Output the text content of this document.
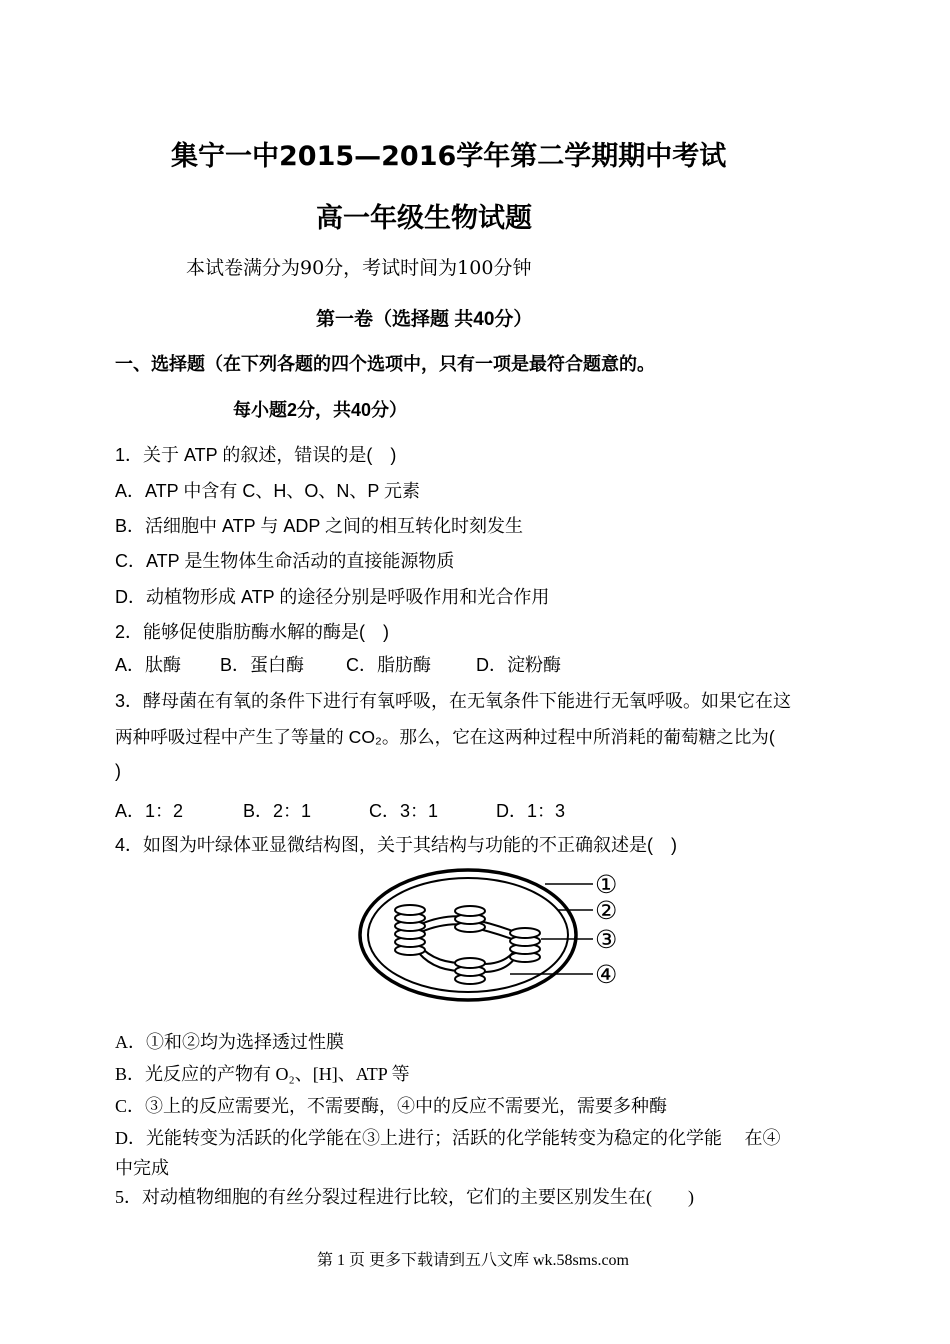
集宁一中2015—2016学年第二学期期中考试
高一年级生物试题
本试卷满分为90分，考试时间为100分钟
第一卷（选择题 共40分）
一、选择题（在下列各题的四个选项中，只有一项是最符合题意的。
每小题2分，共40分）
1．关于 ATP 的叙述，错误的是(　)
A．ATP 中含有 C、H、O、N、P 元素
B．活细胞中 ATP 与 ADP 之间的相互转化时刻发生
C．ATP 是生物体生命活动的直接能源物质
D．动植物形成 ATP 的途径分别是呼吸作用和光合作用
2．能够促使脂肪酶水解的酶是(　)
A．肽酶 B．蛋白酶 C．脂肪酶	D．淀粉酶
3．酵母菌在有氧的条件下进行有氧呼吸，在无氧条件下能进行无氧呼吸。如果它在这
两种呼吸过程中产生了等量的 CO₂。那么，它在这两种过程中所消耗的葡萄糖之比为(
)
A．1：2	B．2：1	C．3：1	D．1：3
4．如图为叶绿体亚显微结构图，关于其结构与功能的不正确叙述是(　)
①
②
③
④
A．①和②均为选择透过性膜
B．光反应的产物有 O₂、[H]、ATP 等
C．③上的反应需要光，不需要酶，④中的反应不需要光，需要多种酶
D．光能转变为活跃的化学能在③上进行；活跃的化学能转变为稳定的化学能　 在④
中完成
5．对动植物细胞的有丝分裂过程进行比较，它们的主要区别发生在(　　)
第 1 页 更多下载请到五八文库 wk.58sms.com
